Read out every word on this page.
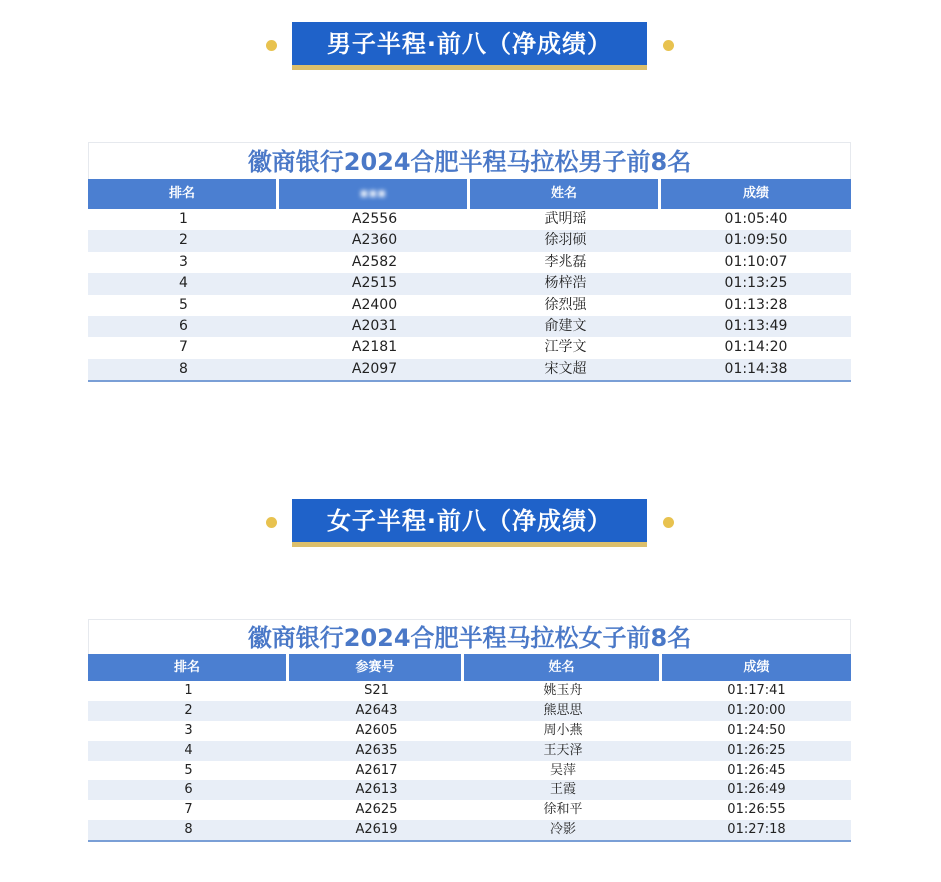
男子半程·前八（净成绩）
徽商银行2024合肥半程马拉松男子前8名
排名	▪▪▪	姓名	成绩
1	A2556	武明瑶	01:05:40
2	A2360	徐羽硕	01:09:50
3	A2582	李兆磊	01:10:07
4	A2515	杨梓浩	01:13:25
5	A2400	徐烈强	01:13:28
6	A2031	俞建文	01:13:49
7	A2181	江学文	01:14:20
8	A2097	宋文超	01:14:38
女子半程·前八（净成绩）
徽商银行2024合肥半程马拉松女子前8名
排名	参赛号	姓名	成绩
1	S21	姚玉舟	01:17:41
2	A2643	熊思思	01:20:00
3	A2605	周小燕	01:24:50
4	A2635	王天泽	01:26:25
5	A2617	吴萍	01:26:45
6	A2613	王霞	01:26:49
7	A2625	徐和平	01:26:55
8	A2619	冷影	01:27:18
